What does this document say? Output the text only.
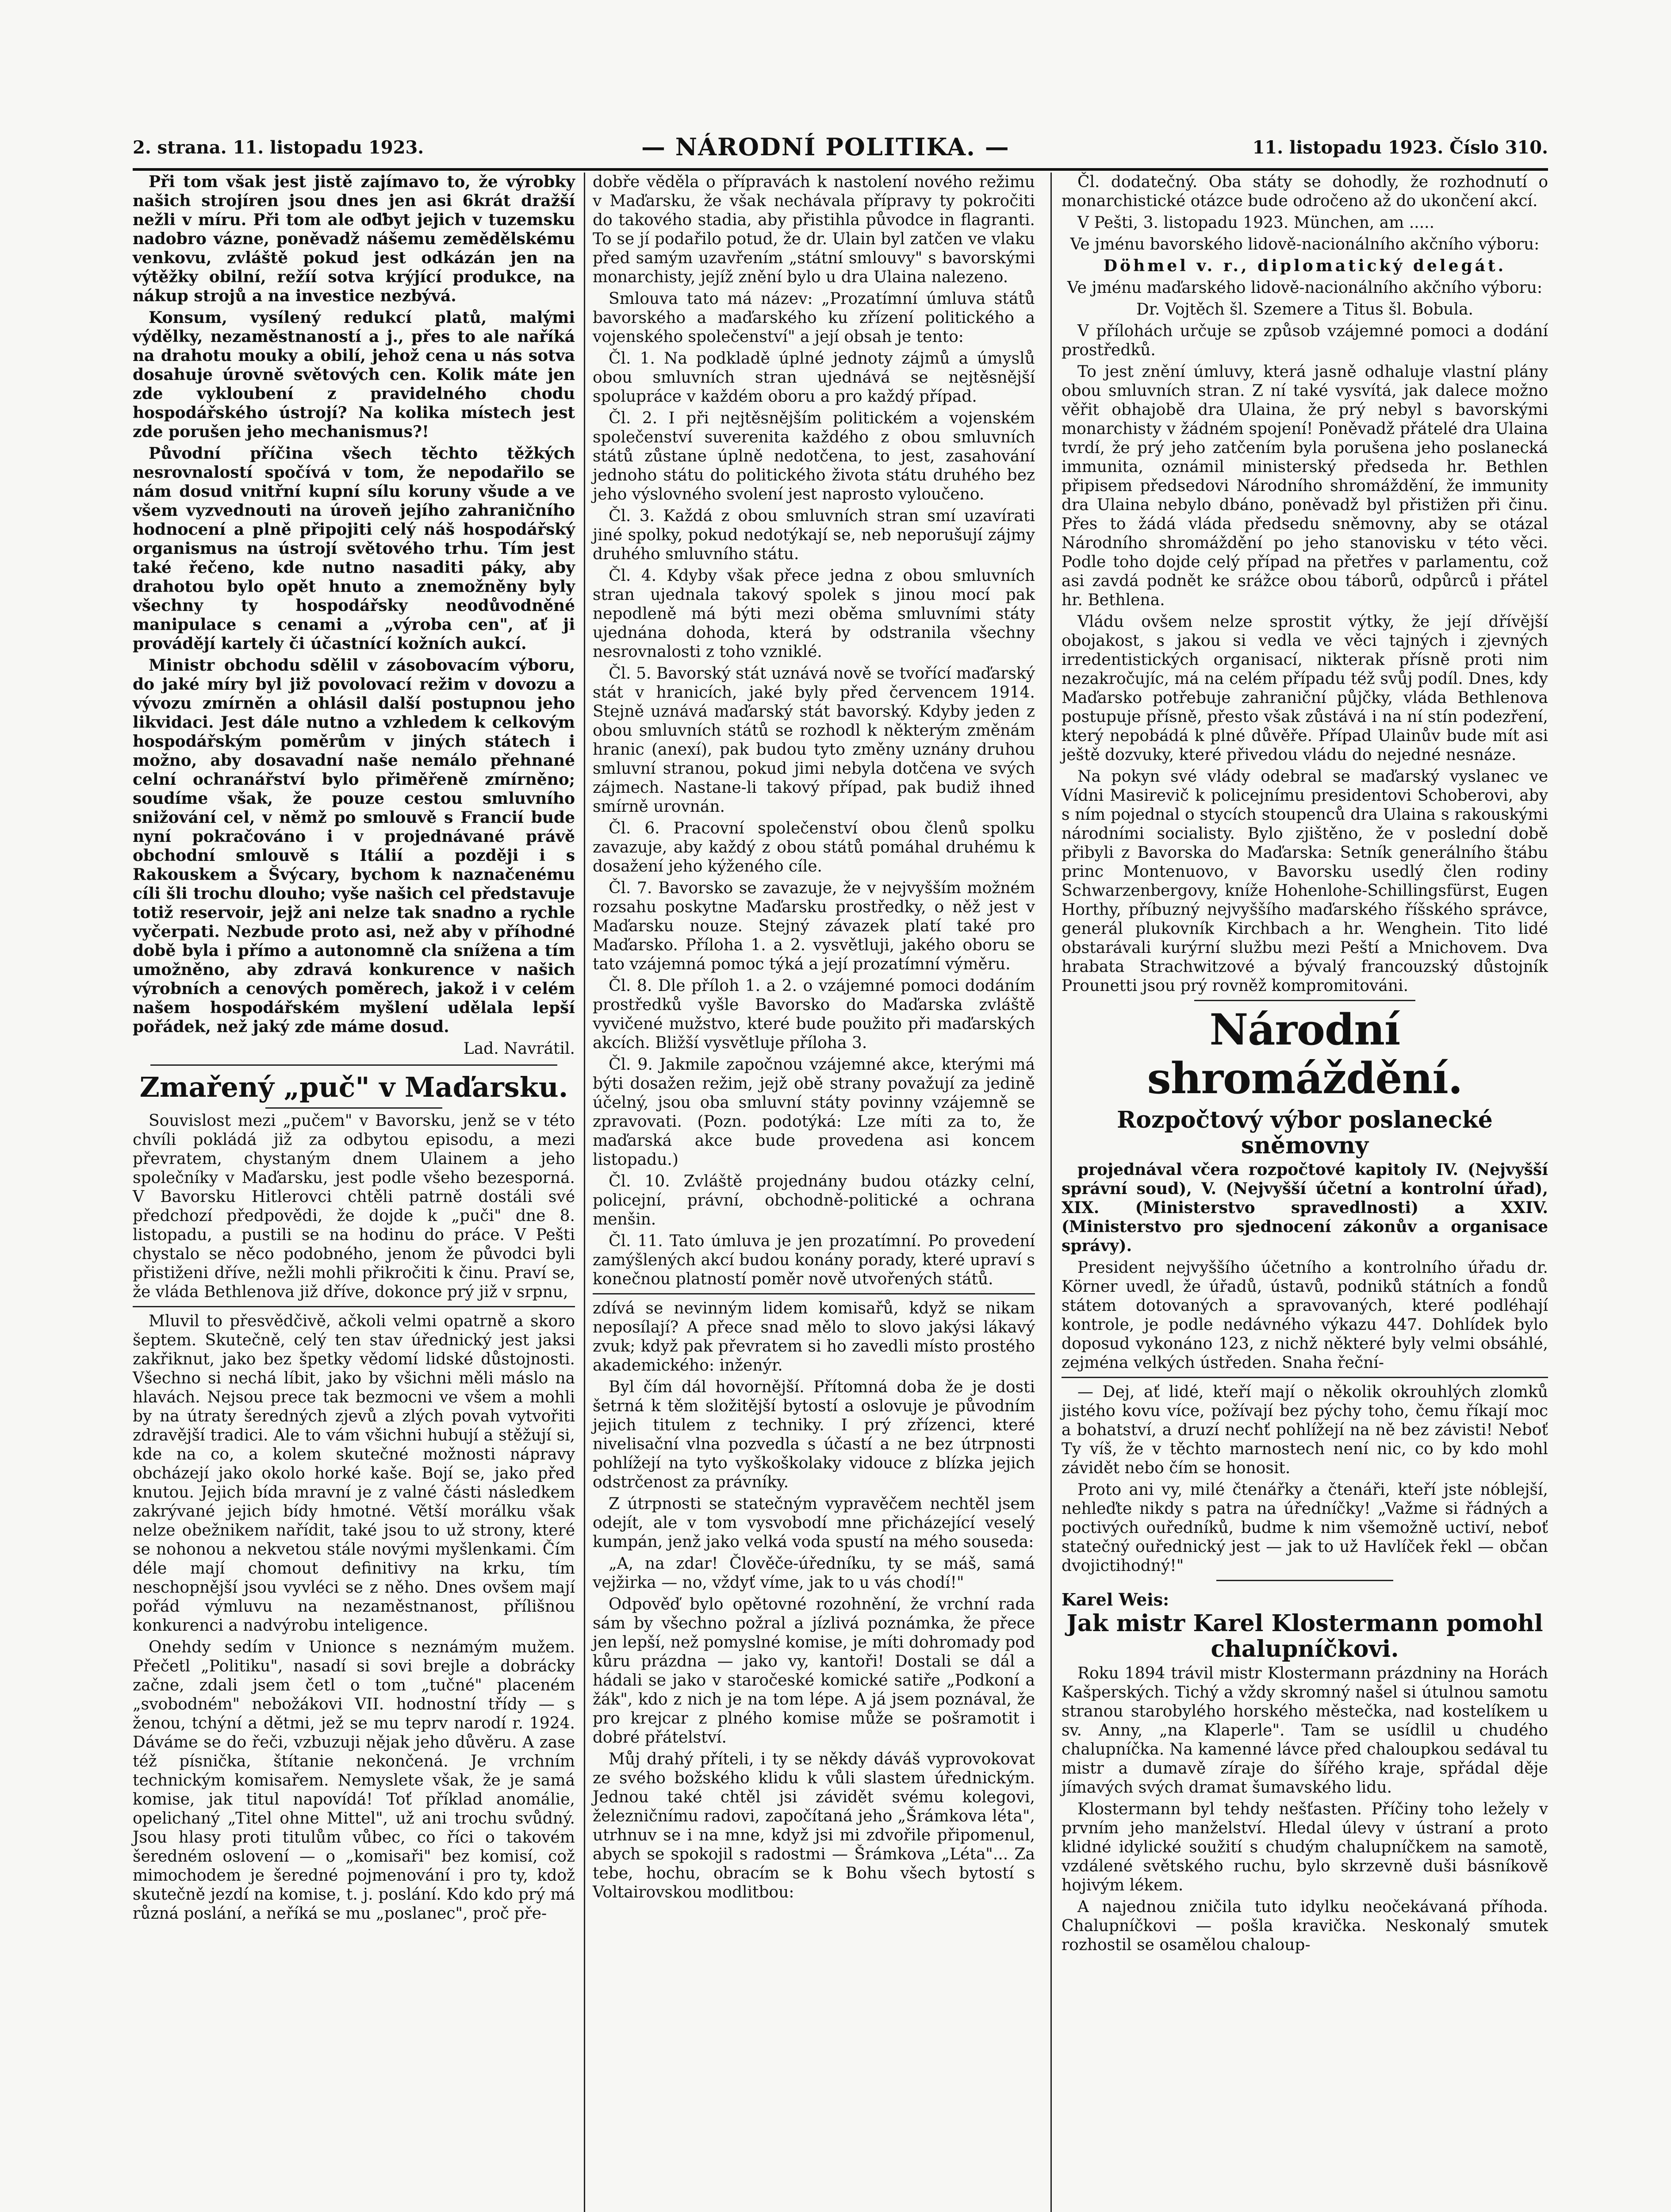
2. strana. 11. listopadu 1923.	— NÁRODNÍ POLITIKA. —	11. listopadu 1923. Číslo 310.

Při tom však jest jistě zajímavo to, že výrobky našich strojíren jsou dnes jen asi 6krát dražší nežli v míru. Při tom ale oďbyt jejich v tuzemsku nadobro vázne, poněvadž nášemu zemědělskému venkovu, zvláště pokud jest odkázán jen na výtěžky obilní, režíí sotva krýjící produkce, na nákup strojů a na investice nezbývá.

Konsum, vysílený redukcí platů, malými výdělky, nezaměstnaností a j., přes to ale naříká na drahotu mouky a obilí, jehož cena u nás sotva dosahuje úrovně světových cen. Kolik máte jen zde vykloubení z pravidelného chodu hospodářského ústrojí? Na kolika místech jest zde porušen jeho mechanismus?!

Původní příčina všech těchto těžkých nesrovnalostí spočívá v tom, že nepodařilo se nám dosud vnitřní kupní sílu koruny všude a ve všem vyzvednouti na úroveň jejího zahraničního hodnocení a plně připojiti celý náš hospodářský organismus na ústrojí světového trhu. Tím jest také řečeno, kde nutno nasaditi páky, aby drahotou bylo opět hnuto a znemožněny byly všechny ty hospodářsky neodůvodněné manipulace s cenami a „výroba cen", ať ji provádějí kartely či účastnící kožních aukcí.

Ministr obchodu sdělil v zásobovacím výboru, do jaké míry byl již povolovací režim v dovozu a vývozu zmírněn a ohlásil další postupnou jeho likvidaci. Jest dále nutno a vzhledem k celkovým hospodářským poměrům v jiných státech i možno, aby dosavadní naše nemálo přehnané celní ochranářství bylo přiměřeně zmírněno; soudíme však, že pouze cestou smluvního snižování cel, v němž po smlouvě s Francií bude nyní pokračováno i v projednávané právě obchodní smlouvě s Itálií a později i s Rakouskem a Švýcary, bychom k naznačenému cíli šli trochu dlouho; vyše našich cel představuje totiž reservoir, jejž ani nelze tak snadno a rychle vyčerpati. Nezbude proto asi, než aby v příhodné době byla i přímo a autonomně cla snížena a tím umožněno, aby zdravá konkurence v našich výrobních a cenových poměrech, jakož i v celém našem hospodářském myšlení udělala lepší pořádek, než jaký zde máme dosud.

Lad. Navrátil.

Zmařený „puč" v Maďarsku.

Souvislost mezi „pučem" v Bavorsku, jenž se v této chvíli pokládá již za odbytou episodu, a mezi převratem, chystaným dnem Ulainem a jeho společníky v Maďarsku, jest podle všeho bezesporná. V Bavorsku Hitlerovci chtěli patrně dostáli své předchozí předpovědi, že dojde k „puči" dne 8. listopadu, a pustili se na hodinu do práce. V Pešti chystalo se něco podobného, jenom že původci byli přistiženi dříve, nežli mohli přikročiti k činu. Praví se, že vláda Bethlenova již dříve, dokonce prý již v srpnu,

Mluvil to přesvědčivě, ačkoli velmi opatrně a skoro šeptem. Skutečně, celý ten stav úřednický jest jaksi zakřiknut, jako bez špetky vědomí lidské důstojnosti. Všechno si nechá líbit, jako by všichni měli máslo na hlavách. Nejsou prece tak bezmocni ve všem a mohli by na útraty šeredných zjevů a zlých povah vytvořiti zdravější tradici. Ale to vám všichni hubují a stěžují si, kde na co, a kolem skutečné možnosti nápravy obcházejí jako okolo horké kaše. Bojí se, jako před knutou. Jejich bída mravní je z valné části následkem zakrývané jejich bídy hmotné. Větší morálku však nelze obežnikem nařídit, také jsou to už strony, které se nohonou a nekvetou stále novými myšlenkami. Čím déle mají chomout definitivy na krku, tím neschopnější jsou vyvléci se z něho. Dnes ovšem mají pořád výmluvu na nezaměstnanost, přílišnou konkurenci a nadvýrobu inteligence.

Onehdy sedím v Unionce s neznámým mužem. Přečetl „Politiku", nasadí si sovi brejle a dobrácky začne, zdali jsem četl o tom „tučné" placeném „svobodném" nebožákovi VII. hodnostní třídy — s ženou, tchýní a dětmi, jež se mu teprv narodí r. 1924. Dáváme se do řeči, vzbuzuji nějak jeho důvěru. A zase též písnička, štítanie nekončená. Je vrchním technickým komisařem. Nemyslete však, že je samá komise, jak titul napovídá! Toť příklad anomálie, opelichaný „Titel ohne Mittel", už ani trochu svůdný. Jsou hlasy proti titulům vůbec, co říci o takovém šeredném oslovení — o „komisaři" bez komisí, což mimochodem je šeredné pojmenování i pro ty, kdož skutečně jezdí na komise, t. j. poslání. Kdo kdo prý má různá poslání, a neříká se mu „poslanec", proč pře-

dobře věděla o přípravách k nastolení nového režimu v Maďarsku, že však nechávala přípravy ty pokročiti do takového stadia, aby přistihla původce in flagranti. To se jí podařilo potud, že dr. Ulain byl zatčen ve vlaku před samým uzavřením „státní smlouvy" s bavorskými monarchisty, jejíž znění bylo u dra Ulaina nalezeno.

Smlouva tato má název: „Prozatímní úmluva států bavorského a maďarského ku zřízení politického a vojenského společenství" a její obsah je tento:

Čl. 1. Na podkladě úplné jednoty zájmů a úmyslů obou smluvních stran ujednává se nejtěsnější spolupráce v každém oboru a pro každý případ.

Čl. 2. I při nejtěsnějším politickém a vojenském společenství suverenita každého z obou smluvních států zůstane úplně nedotčena, to jest, zasahování jednoho státu do politického života státu druhého bez jeho výslovného svolení jest naprosto vyloučeno.

Čl. 3. Každá z obou smluvních stran smí uzavírati jiné spolky, pokud nedotýkají se, neb neporušují zájmy druhého smluvního státu.

Čl. 4. Kdyby však přece jedna z obou smluvních stran ujednala takový spolek s jinou mocí pak nepodleně má býti mezi oběma smluvními státy ujednána dohoda, která by odstranila všechny nesrovnalosti z toho vzniklé.

Čl. 5. Bavorský stát uznává nově se tvořící maďarský stát v hranicích, jaké byly před červencem 1914. Stejně uznává maďarský stát bavorský. Kdyby jeden z obou smluvních států se rozhodl k některým změnám hranic (anexí), pak budou tyto změny uznány druhou smluvní stranou, pokud jimi nebyla dotčena ve svých zájmech. Nastane-li takový případ, pak budiž ihned smírně urovnán.

Čl. 6. Pracovní společenství obou členů spolku zavazuje, aby každý z obou států pomáhal druhému k dosažení jeho kýženého cíle.

Čl. 7. Bavorsko se zavazuje, že v nejvyšším možném rozsahu poskytne Maďarsku prostředky, o něž jest v Maďarsku nouze. Stejný závazek platí také pro Maďarsko. Příloha 1. a 2. vysvětluji, jakého oboru se tato vzájemná pomoc týká a její prozatímní výměru.

Čl. 8. Dle příloh 1. a 2. o vzájemné pomoci dodáním prostředků vyšle Bavorsko do Maďarska zvláště vyvičené mužstvo, které bude použito při maďarských akcích. Bližší vysvětluje příloha 3.

Čl. 9. Jakmile započnou vzájemné akce, kterými má býti dosažen režim, jejž obě strany považují za jedině účelný, jsou oba smluvní státy povinny vzájemně se zpravovati. (Pozn. podotýká: Lze míti za to, že maďarská akce bude provedena asi koncem listopadu.)

Čl. 10. Zvláště projednány budou otázky celní, policejní, právní, obchodně-politické a ochrana menšin.

Čl. 11. Tato úmluva je jen prozatímní. Po provedení zamýšlených akcí budou konány porady, které upraví s konečnou platností poměr nově utvořených států.

zdívá se nevinným lidem komisařů, když se nikam neposílají? A přece snad mělo to slovo jakýsi lákavý zvuk; když pak převratem si ho zavedli místo prostého akademického: inženýr.

Byl čím dál hovornější. Přítomná doba že je dosti šetrná k těm složitější bytostí a oslovuje je původním jejich titulem z techniky. I prý zřízenci, které nivelisační vlna pozvedla s účastí a ne bez útrpnosti pohlížejí na tyto vyškoškolaky vidouce z blízka jejich odstrčenost za právníky.

Z útrpnosti se statečným vypravěčem nechtěl jsem odejít, ale v tom vysvobodí mne přicházející veselý kumpán, jenž jako velká voda spustí na mého souseda:

„A, na zdar! Člověče-úředníku, ty se máš, samá vejžirka — no, vždyť víme, jak to u vás chodí!"

Odpověď bylo opětovné rozohnění, že vrchní rada sám by všechno požral a jízlivá poznámka, že přece jen lepší, než pomyslné komise, je míti dohromady pod kůru prázdna — jako vy, kantoři! Dostali se dál a hádali se jako v staročeské komické satiře „Podkoní a žák", kdo z nich je na tom lépe. A já jsem poznával, že pro krejcar z plného komise může se pošramotit i dobré přátelství.

Můj drahý příteli, i ty se někdy dáváš vyprovokovat ze svého božského klidu k vůli slastem úřednickým. Jednou také chtěl jsi závidět svému kolegovi, železničnímu radovi, započítaná jeho „Šrámkova léta", utrhnuv se i na mne, když jsi mi zdvořile připomenul, abych se spokojil s radostmi — Šrámkova „Léta"... Za tebe, hochu, obracím se k Bohu všech bytostí s Voltairovskou modlitbou:

Čl. dodatečný. Oba státy se dohodly, že rozhodnutí o monarchistické otázce bude odročeno až do ukončení akcí.

V Pešti, 3. listopadu 1923. München, am .....

Ve jménu bavorského lidově-nacionálního akčního výboru:

Döhmel v. r., diplomatický delegát.

Ve jménu maďarského lidově-nacionálního akčního výboru:

Dr. Vojtěch šl. Szemere a Titus šl. Bobula.

V přílohách určuje se způsob vzájemné pomoci a dodání prostředků.

To jest znění úmluvy, která jasně odhaluje vlastní plány obou smluvních stran. Z ní také vysvítá, jak dalece možno věřit obhajobě dra Ulaina, že prý nebyl s bavorskými monarchisty v žádném spojení! Poněvadž přátelé dra Ulaina tvrdí, že prý jeho zatčením byla porušena jeho poslanecká immunita, oznámil ministerský předseda hr. Bethlen připisem předsedovi Národního shromáždění, že immunity dra Ulaina nebylo dbáno, poněvadž byl přistižen při činu. Přes to žádá vláda předsedu sněmovny, aby se otázal Národního shromáždění po jeho stanovisku v této věci. Podle toho dojde celý případ na přetřes v parlamentu, což asi zavdá podnět ke srážce obou táborů, odpůrců i přátel hr. Bethlena.

Vládu ovšem nelze sprostit výtky, že její dřívější obojakost, s jakou si vedla ve věci tajných i zjevných irredentistických organisací, nikterak přísně proti nim nezakročujíc, má na celém případu též svůj podíl. Dnes, kdy Maďarsko potřebuje zahraniční půjčky, vláda Bethlenova postupuje přísně, přesto však zůstává i na ní stín podezření, který nepobádá k plné důvěře. Případ Ulainův bude mít asi ještě dozvuky, které přivedou vládu do nejedné nesnáze.

Na pokyn své vlády odebral se maďarský vyslanec ve Vídni Masirevič k policejnímu presidentovi Schoberovi, aby s ním pojednal o stycích stoupenců dra Ulaina s rakouskými národními socialisty. Bylo zjištěno, že v poslední době přibyli z Bavorska do Maďarska: Setník generálního štábu princ Montenuovo, v Bavorsku usedlý člen rodiny Schwarzenbergovy, kníže Hohenlohe-Schillingsfürst, Eugen Horthy, příbuzný nejvyššího maďarského říšského správce, generál plukovník Kirchbach a hr. Wenghein. Tito lidé obstarávali kurýrní službu mezi Peští a Mnichovem. Dva hrabata Strachwitzové a bývalý francouzský důstojník Prounetti jsou prý rovněž kompromitováni.

Národní shromáždění.
Rozpočtový výbor poslanecké sněmovny

projednával včera rozpočtové kapitoly IV. (Nejvyšší správní soud), V. (Nejvyšší účetní a kontrolní úřad), XIX. (Ministerstvo spravedlnosti) a XXIV. (Ministerstvo pro sjednocení zákonův a organisace správy).

President nejvyššího účetního a kontrolního úřadu dr. Körner uvedl, že úřadů, ústavů, podniků státních a fondů státem dotovaných a spravovaných, které podléhají kontrole, je podle nedávného výkazu 447. Dohlídek bylo doposud vykonáno 123, z nichž některé byly velmi obsáhlé, zejména velkých ústředen. Snaha řeční-

— Dej, ať lidé, kteří mají o několik okrouhlých zlomků jistého kovu více, požívají bez pýchy toho, čemu říkají moc a bohatství, a druzí nechť pohlížejí na ně bez závisti! Neboť Ty víš, že v těchto marnostech není nic, co by kdo mohl závidět nebo čím se honosit.

Proto ani vy, milé čtenářky a čtenáři, kteří jste nóblejší, nehleďte nikdy s patra na úředníčky! „Važme si řádných a poctivých ouředníků, budme k nim všemožně uctiví, neboť statečný ouřednický jest — jak to už Havlíček řekl — občan dvojictihodný!"

Karel Weis:
Jak mistr Karel Klostermann pomohl chalupníčkovi.

Roku 1894 trávil mistr Klostermann prázdniny na Horách Kašperských. Tichý a vždy skromný našel si útulnou samotu stranou starobylého horského městečka, nad kostelíkem u sv. Anny, „na Klaperle". Tam se usídlil u chudého chalupníčka. Na kamenné lávce před chaloupkou sedával tu mistr a dumavě zíraje do šířého kraje, spřádal děje jímavých svých dramat šumavského lidu.

Klostermann byl tehdy nešťasten. Příčiny toho ležely v prvním jeho manželství. Hledal úlevy v ústraní a proto klidné idylické soužití s chudým chalupníčkem na samotě, vzdálené světského ruchu, bylo skrzevně duši básníkově hojivým lékem.

A najednou zničila tuto idylku neočekávaná příhoda. Chalupníčkovi — pošla kravička. Neskonalý smutek rozhostil se osamělou chaloup-
